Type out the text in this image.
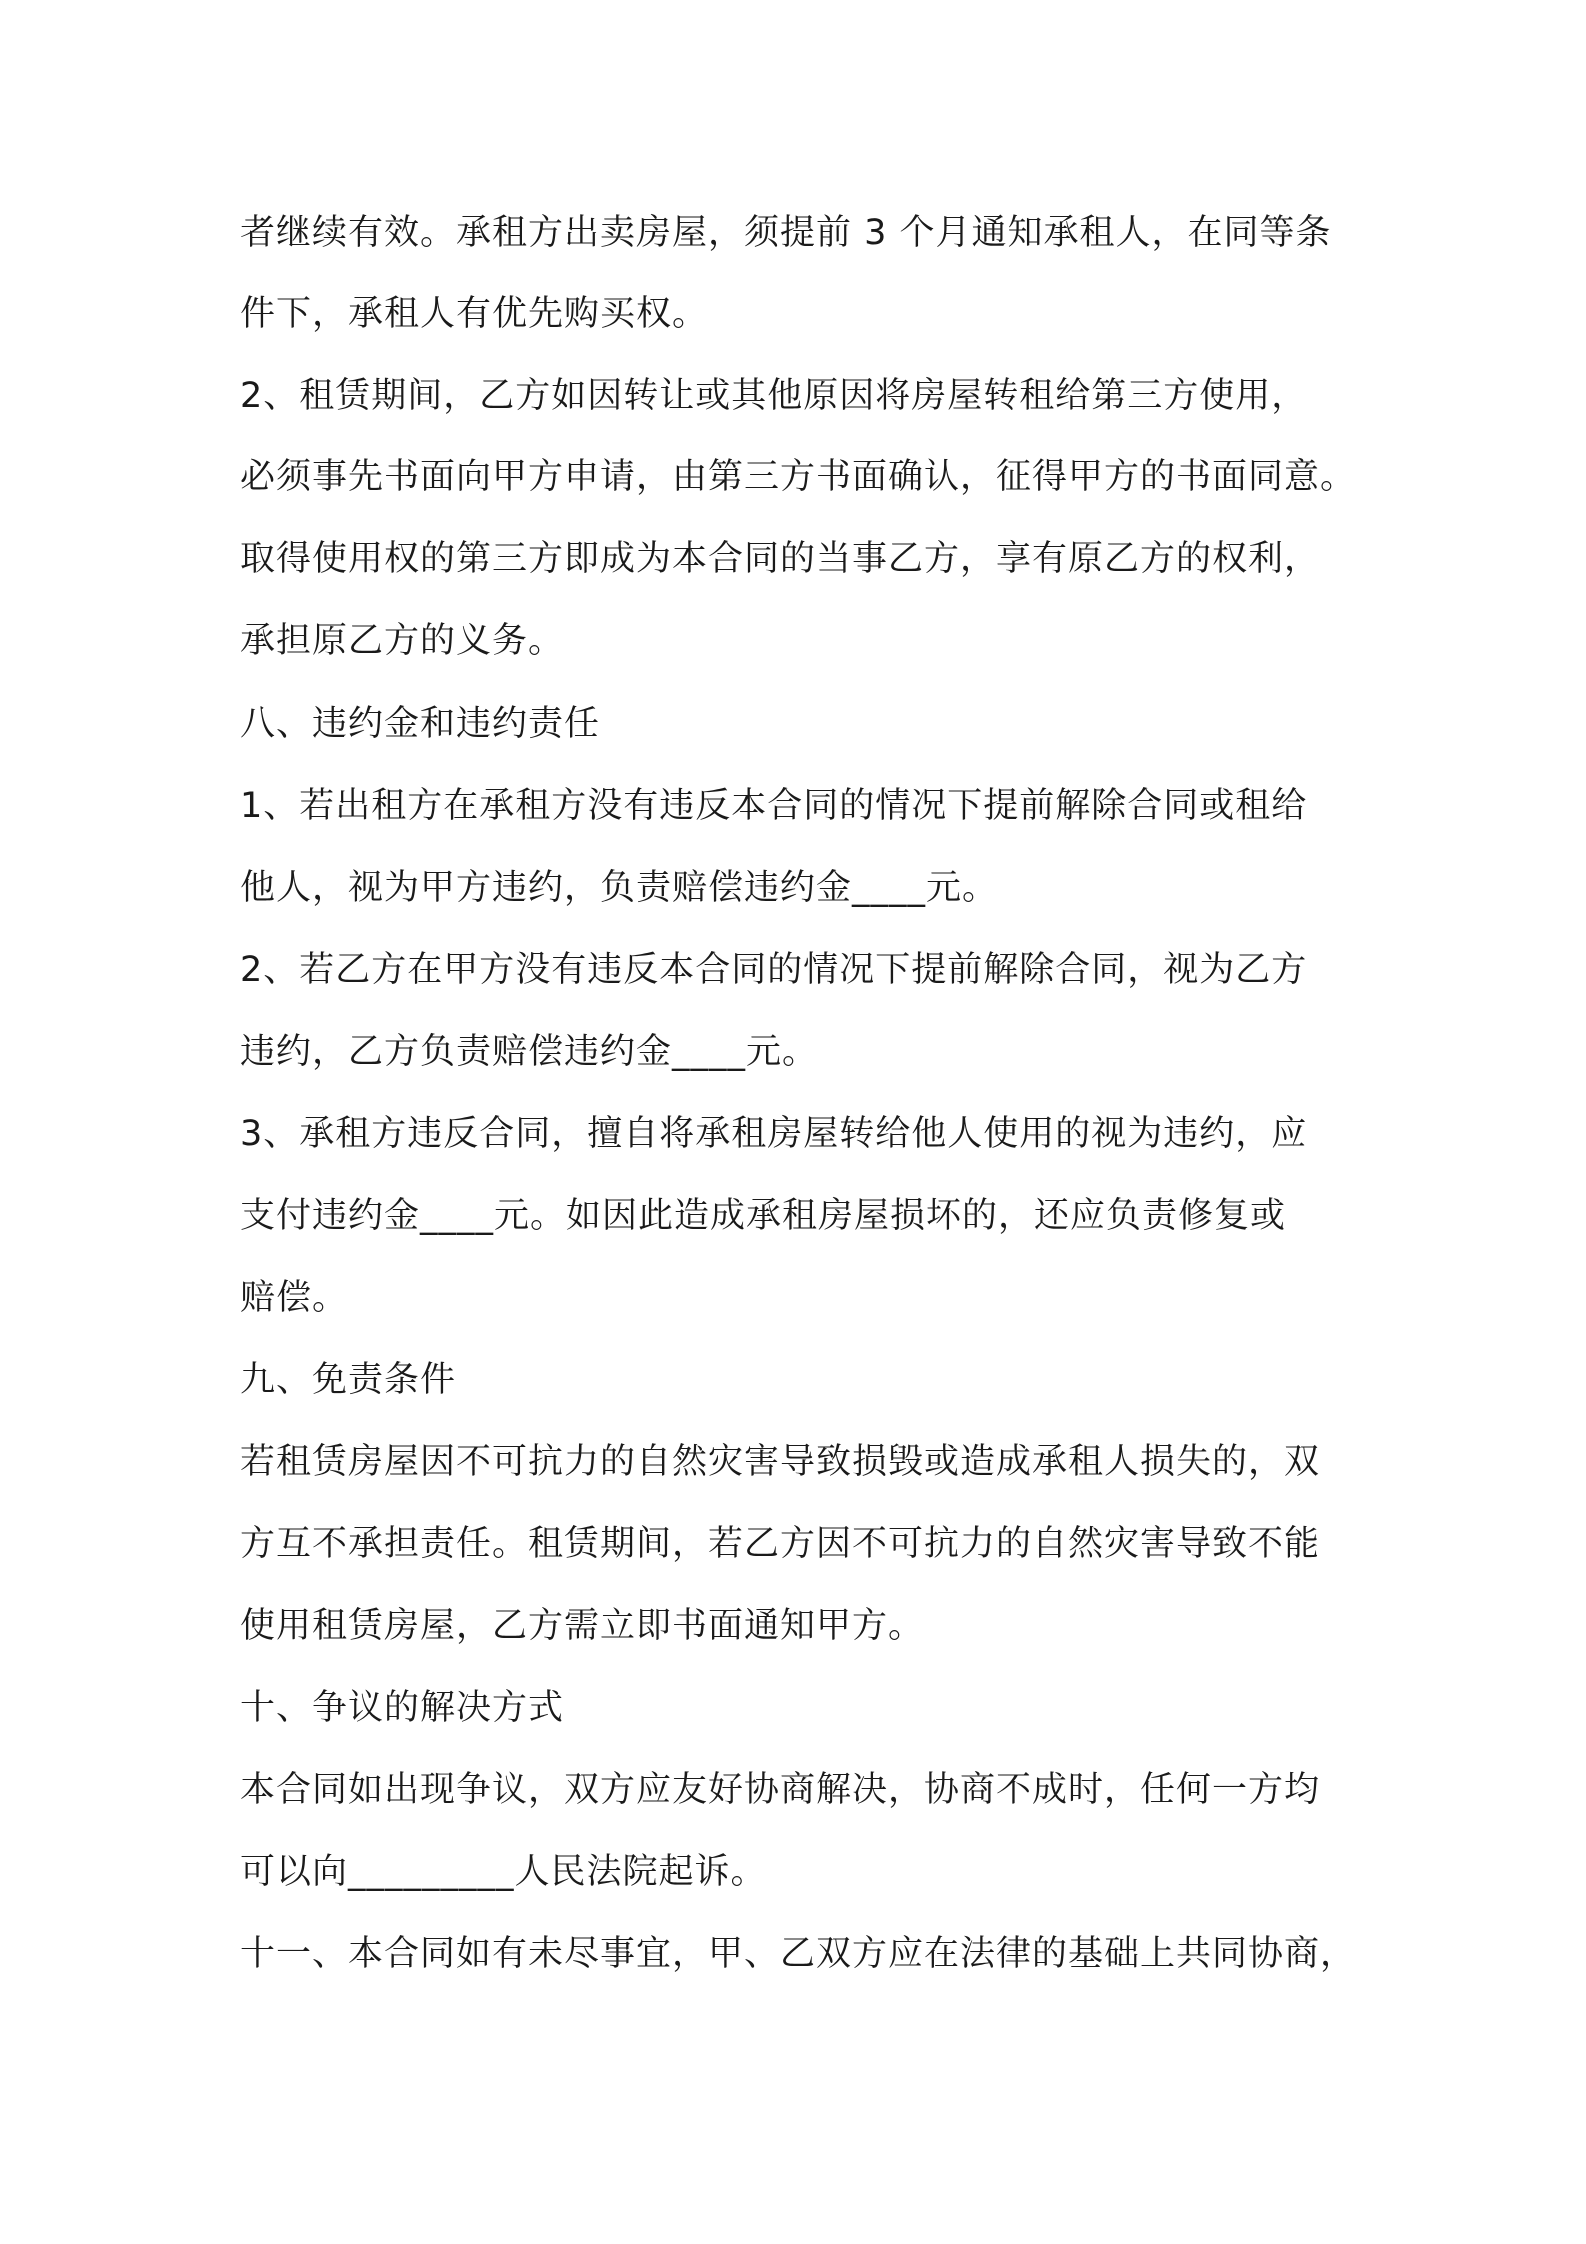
者继续有效。承租方出卖房屋，须提前 3 个月通知承租人，在同等条
件下，承租人有优先购买权。
2、租赁期间，乙方如因转让或其他原因将房屋转租给第三方使用，
必须事先书面向甲方申请，由第三方书面确认，征得甲方的书面同意。
取得使用权的第三方即成为本合同的当事乙方，享有原乙方的权利，
承担原乙方的义务。
八、违约金和违约责任
1、若出租方在承租方没有违反本合同的情况下提前解除合同或租给
他人，视为甲方违约，负责赔偿违约金____元。
2、若乙方在甲方没有违反本合同的情况下提前解除合同，视为乙方
违约，乙方负责赔偿违约金____元。
3、承租方违反合同，擅自将承租房屋转给他人使用的视为违约，应
支付违约金____元。如因此造成承租房屋损坏的，还应负责修复或
赔偿。
九、免责条件
若租赁房屋因不可抗力的自然灾害导致损毁或造成承租人损失的，双
方互不承担责任。租赁期间，若乙方因不可抗力的自然灾害导致不能
使用租赁房屋，乙方需立即书面通知甲方。
十、争议的解决方式
本合同如出现争议，双方应友好协商解决，协商不成时，任何一方均
可以向_________人民法院起诉。
十一、本合同如有未尽事宜，甲、乙双方应在法律的基础上共同协商，
